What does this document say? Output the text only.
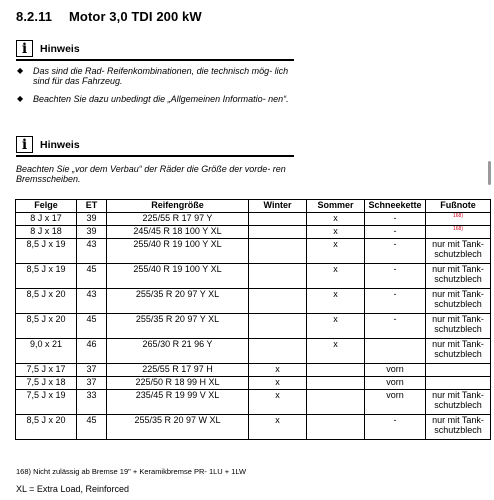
8.2.11 Motor 3,0 TDI 200 kW
i	Hinweis
◆ Das sind die Rad- Reifenkombinationen, die technisch mög- lich sind für das Fahrzeug.
◆ Beachten Sie dazu unbedingt die „Allgemeinen Informatio- nen“.
i	Hinweis
Beachten Sie „vor dem Verbau“ der Räder die Größe der vorde- ren Bremsscheiben.
Felge	ET	Reifengröße	Winter	Sommer	Schneekette	Fußnote
8 J x 17	39	225/55 R 17 97 Y		x	-	168)
8 J x 18	39	245/45 R 18 100 Y XL		x	-	168)
8,5 J x 19	43	255/40 R 19 100 Y XL		x	-	nur mit Tank- schutzblech
8,5 J x 19	45	255/40 R 19 100 Y XL		x	-	nur mit Tank- schutzblech
8,5 J x 20	43	255/35 R 20 97 Y XL		x	-	nur mit Tank- schutzblech
8,5 J x 20	45	255/35 R 20 97 Y XL		x	-	nur mit Tank- schutzblech
9,0 x 21	46	265/30 R 21 96 Y		x		nur mit Tank- schutzblech
7,5 J x 17	37	225/55 R 17 97 H	x		vorn	
7,5 J x 18	37	225/50 R 18 99 H XL	x		vorn	
7,5 J x 19	33	235/45 R 19 99 V XL	x		vorn	nur mit Tank- schutzblech
8,5 J x 20	45	255/35 R 20 97 W XL	x		-	nur mit Tank- schutzblech
168) Nicht zulässig ab Bremse 19" + Keramikbremse PR- 1LU + 1LW
XL = Extra Load, Reinforced
